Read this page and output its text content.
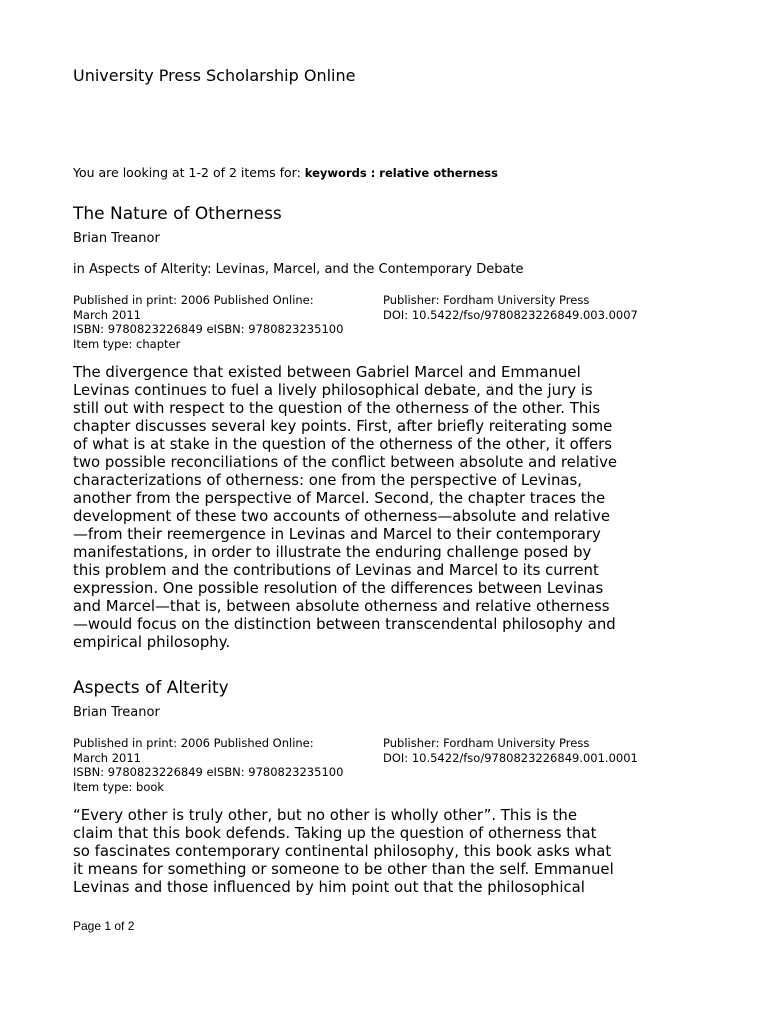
University Press Scholarship Online
You are looking at 1-2 of 2 items for: keywords : relative otherness
The Nature of Otherness
Brian Treanor
in Aspects of Alterity: Levinas, Marcel, and the Contemporary Debate
Published in print: 2006 Published Online:
March 2011
ISBN: 9780823226849 eISBN: 9780823235100
Item type: chapter
Publisher: Fordham University Press
DOI: 10.5422/fso/9780823226849.003.0007
The divergence that existed between Gabriel Marcel and Emmanuel
Levinas continues to fuel a lively philosophical debate, and the jury is
still out with respect to the question of the otherness of the other. This
chapter discusses several key points. First, after briefly reiterating some
of what is at stake in the question of the otherness of the other, it offers
two possible reconciliations of the conflict between absolute and relative
characterizations of otherness: one from the perspective of Levinas,
another from the perspective of Marcel. Second, the chapter traces the
development of these two accounts of otherness—absolute and relative
—from their reemergence in Levinas and Marcel to their contemporary
manifestations, in order to illustrate the enduring challenge posed by
this problem and the contributions of Levinas and Marcel to its current
expression. One possible resolution of the differences between Levinas
and Marcel—that is, between absolute otherness and relative otherness
—would focus on the distinction between transcendental philosophy and
empirical philosophy.
Aspects of Alterity
Brian Treanor
Published in print: 2006 Published Online:
March 2011
ISBN: 9780823226849 eISBN: 9780823235100
Item type: book
Publisher: Fordham University Press
DOI: 10.5422/fso/9780823226849.001.0001
“Every other is truly other, but no other is wholly other”. This is the
claim that this book defends. Taking up the question of otherness that
so fascinates contemporary continental philosophy, this book asks what
it means for something or someone to be other than the self. Emmanuel
Levinas and those influenced by him point out that the philosophical
Page 1 of 2
